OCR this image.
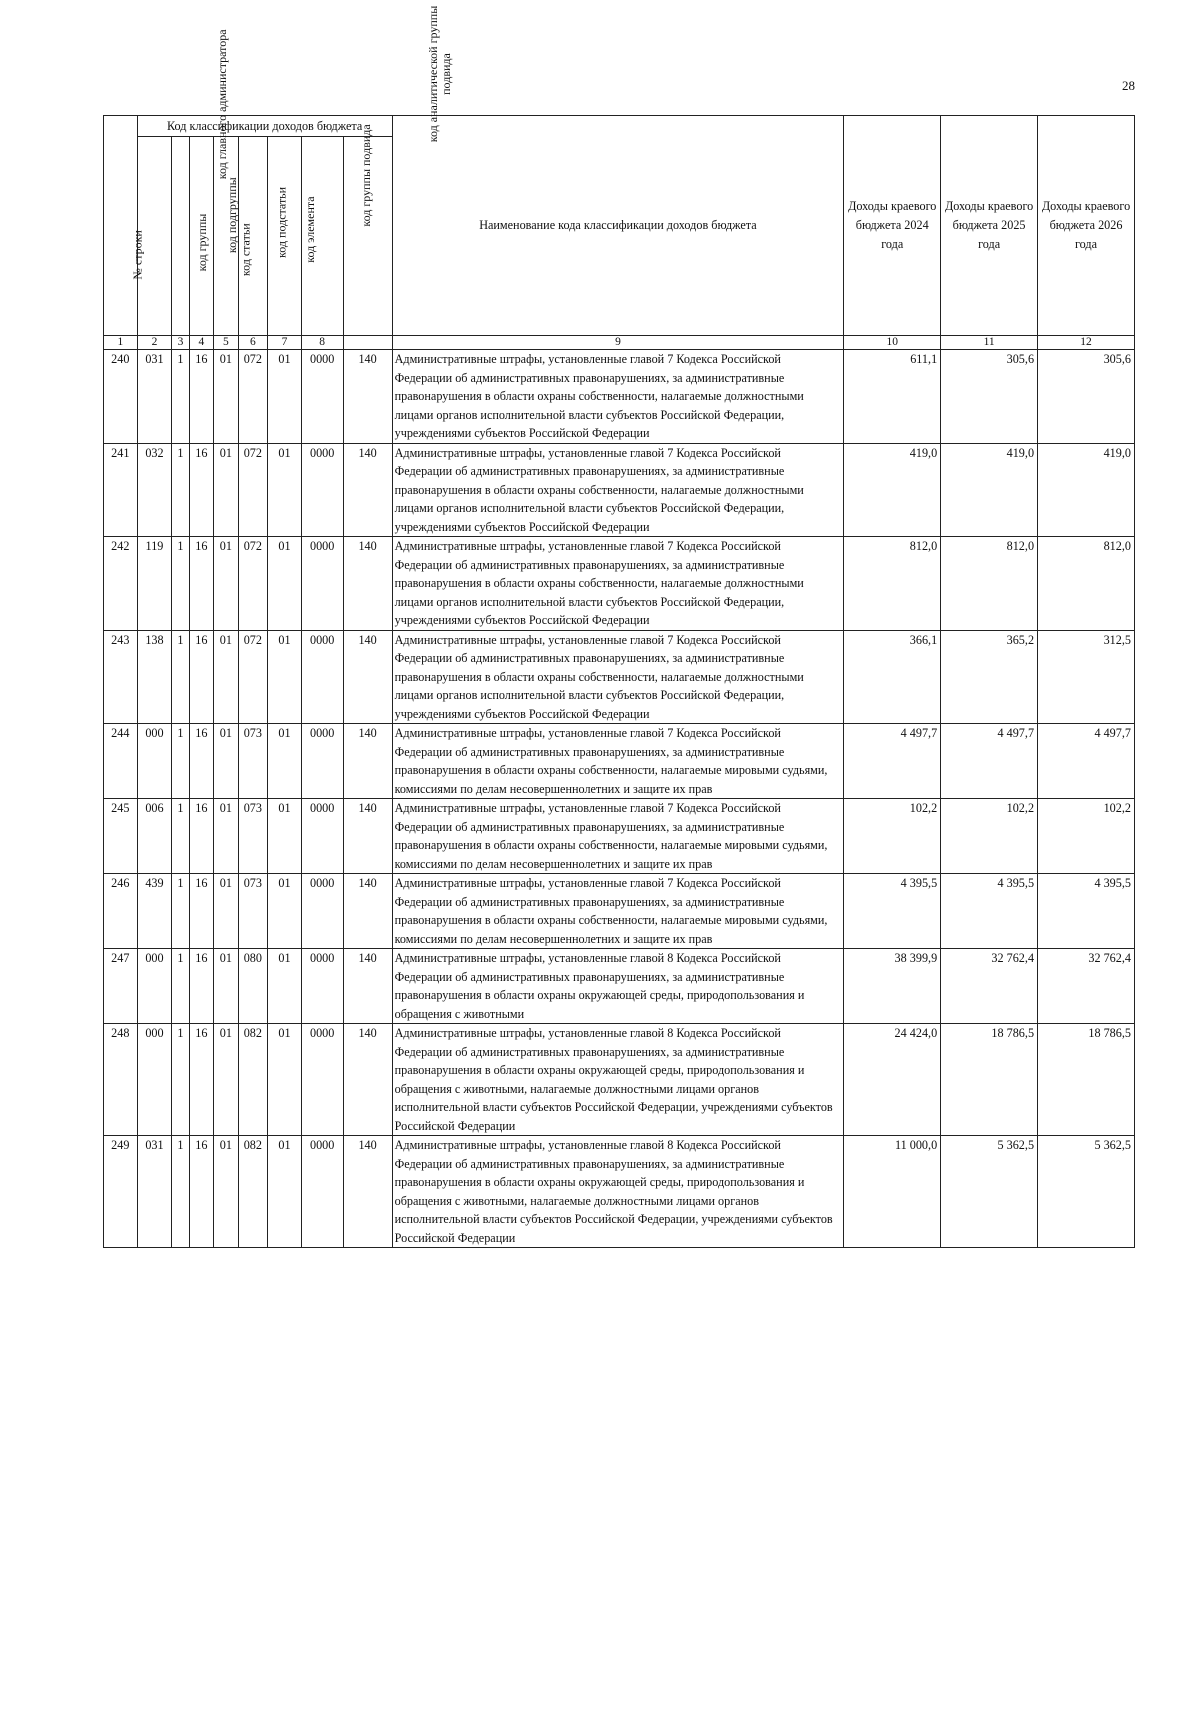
28
№ строки	Код классификации доходов бюджета								Наименование кода классификации доходов бюджета	Доходы краевого бюджета 2024 года	Доходы краевого бюджета 2025 года	Доходы краевого бюджета 2026 года

	код главного администратора	код группы	код подгруппы	код статьи	код подстатьи	код элемента	код группы подвида	код аналитической группы подвида				

1	2	3	4	5	6	7	8		9	10	11	12
240	031	1	16	01	072	01	0000	140	Административные штрафы, установленные главой 7 Кодекса Российской Федерации об административных правонарушениях, за административные правонарушения в области охраны собственности, налагаемые должностными лицами органов исполнительной власти субъектов Российской Федерации, учреждениями субъектов Российской Федерации	611,1	305,6	305,6
241	032	1	16	01	072	01	0000	140	Административные штрафы, установленные главой 7 Кодекса Российской Федерации об административных правонарушениях, за административные правонарушения в области охраны собственности, налагаемые должностными лицами органов исполнительной власти субъектов Российской Федерации, учреждениями субъектов Российской Федерации	419,0	419,0	419,0
242	119	1	16	01	072	01	0000	140	Административные штрафы, установленные главой 7 Кодекса Российской Федерации об административных правонарушениях, за административные правонарушения в области охраны собственности, налагаемые должностными лицами органов исполнительной власти субъектов Российской Федерации, учреждениями субъектов Российской Федерации	812,0	812,0	812,0
243	138	1	16	01	072	01	0000	140	Административные штрафы, установленные главой 7 Кодекса Российской Федерации об административных правонарушениях, за административные правонарушения в области охраны собственности, налагаемые должностными лицами органов исполнительной власти субъектов Российской Федерации, учреждениями субъектов Российской Федерации	366,1	365,2	312,5
244	000	1	16	01	073	01	0000	140	Административные штрафы, установленные главой 7 Кодекса Российской Федерации об административных правонарушениях, за административные правонарушения в области охраны собственности, налагаемые мировыми судьями, комиссиями по делам несовершеннолетних и защите их прав	4 497,7	4 497,7	4 497,7
245	006	1	16	01	073	01	0000	140	Административные штрафы, установленные главой 7 Кодекса Российской Федерации об административных правонарушениях, за административные правонарушения в области охраны собственности, налагаемые мировыми судьями, комиссиями по делам несовершеннолетних и защите их прав	102,2	102,2	102,2
246	439	1	16	01	073	01	0000	140	Административные штрафы, установленные главой 7 Кодекса Российской Федерации об административных правонарушениях, за административные правонарушения в области охраны собственности, налагаемые мировыми судьями, комиссиями по делам несовершеннолетних и защите их прав	4 395,5	4 395,5	4 395,5
247	000	1	16	01	080	01	0000	140	Административные штрафы, установленные главой 8 Кодекса Российской Федерации об административных правонарушениях, за административные правонарушения в области охраны окружающей среды, природопользования и обращения с животными	38 399,9	32 762,4	32 762,4
248	000	1	16	01	082	01	0000	140	Административные штрафы, установленные главой 8 Кодекса Российской Федерации об административных правонарушениях, за административные правонарушения в области охраны окружающей среды, природопользования и обращения с животными, налагаемые должностными лицами органов исполнительной власти субъектов Российской Федерации, учреждениями субъектов Российской Федерации	24 424,0	18 786,5	18 786,5
249	031	1	16	01	082	01	0000	140	Административные штрафы, установленные главой 8 Кодекса Российской Федерации об административных правонарушениях, за административные правонарушения в области охраны окружающей среды, природопользования и обращения с животными, налагаемые должностными лицами органов исполнительной власти субъектов Российской Федерации, учреждениями субъектов Российской Федерации	11 000,0	5 362,5	5 362,5
